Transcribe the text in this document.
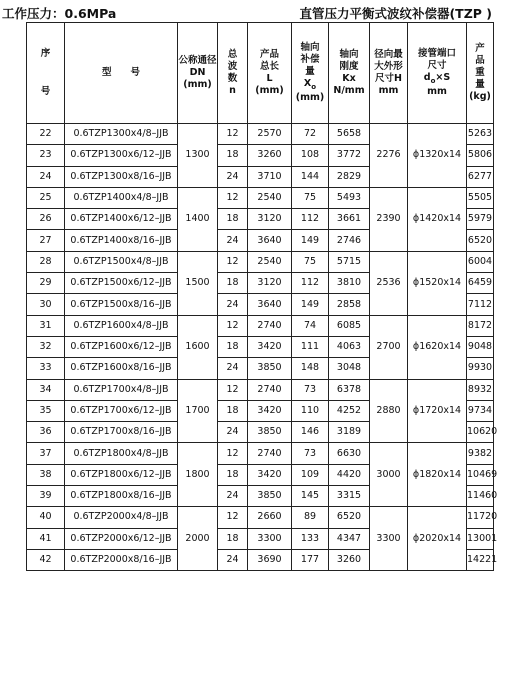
工作压力：0.6MPa	直管压力平衡式波纹补偿器(TZP )
序
号	型　　号	公称通径
DN
(mm)	总
波
数
n	产品
总长
L
(mm)	轴向
补偿
量
$X_o$
(mm)	轴向
刚度
Kx
N/mm	径向最
大外形
尺寸H
mm	接管端口
尺寸
$d_o\times S$
mm	产
品
重
量
(kg)

22	0.6TZP1300x4/8–JJB	1300	12	2570	72	5658	2276	ϕ1320x14	5263
23	0.6TZP1300x6/12–JJB		18	3260	108	3772			5806
24	0.6TZP1300x8/16–JJB		24	3710	144	2829			6277
25	0.6TZP1400x4/8–JJB	1400	12	2540	75	5493	2390	ϕ1420x14	5505
26	0.6TZP1400x6/12–JJB		18	3120	112	3661			5979
27	0.6TZP1400x8/16–JJB		24	3640	149	2746			6520
28	0.6TZP1500x4/8–JJB	1500	12	2540	75	5715	2536	ϕ1520x14	6004
29	0.6TZP1500x6/12–JJB		18	3120	112	3810			6459
30	0.6TZP1500x8/16–JJB		24	3640	149	2858			7112
31	0.6TZP1600x4/8–JJB	1600	12	2740	74	6085	2700	ϕ1620x14	8172
32	0.6TZP1600x6/12–JJB		18	3420	111	4063			9048
33	0.6TZP1600x8/16–JJB		24	3850	148	3048			9930
34	0.6TZP1700x4/8–JJB	1700	12	2740	73	6378	2880	ϕ1720x14	8932
35	0.6TZP1700x6/12–JJB		18	3420	110	4252			9734
36	0.6TZP1700x8/16–JJB		24	3850	146	3189			10620
37	0.6TZP1800x4/8–JJB	1800	12	2740	73	6630	3000	ϕ1820x14	9382
38	0.6TZP1800x6/12–JJB		18	3420	109	4420			10469
39	0.6TZP1800x8/16–JJB		24	3850	145	3315			11460
40	0.6TZP2000x4/8–JJB	2000	12	2660	89	6520	3300	ϕ2020x14	11720
41	0.6TZP2000x6/12–JJB		18	3300	133	4347			13001
42	0.6TZP2000x8/16–JJB		24	3690	177	3260			14221
